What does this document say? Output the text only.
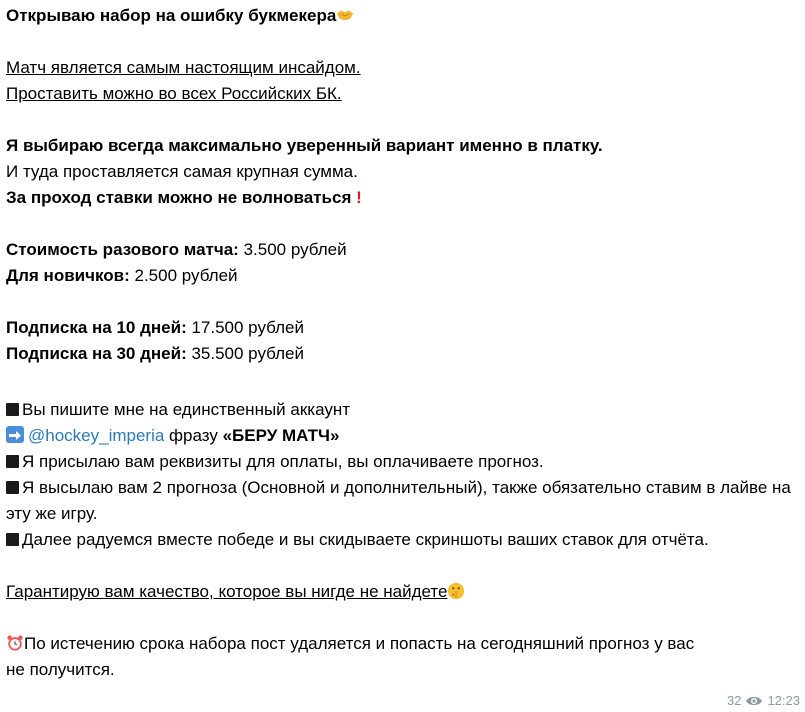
Открываю набор на ошибку букмекера
Матч является самым настоящим инсайдом.
Проставить можно во всех Российских БК.
Я выбираю всегда максимально уверенный вариант именно в платку.
И туда проставляется самая крупная сумма.
За проход ставки можно не волноваться !
Стоимость разового матча: 3.500 рублей
Для новичков: 2.500 рублей
Подписка на 10 дней: 17.500 рублей
Подписка на 30 дней: 35.500 рублей
Вы пишите мне на единственный аккаунт
@hockey_imperia фразу «БЕРУ МАТЧ»
Я присылаю вам реквизиты для оплаты, вы оплачиваете прогноз.
Я высылаю вам 2 прогноза (Основной и дополнительный), также обязательно ставим в лайве на эту же игру.
Далее радуемся вместе победе и вы скидываете скриншоты ваших ставок для отчёта.
Гарантирую вам качество, которое вы нигде не найдете
По истечению срока набора пост удаляется и попасть на сегодняшний прогноз у вас не получится.
32 12:23
